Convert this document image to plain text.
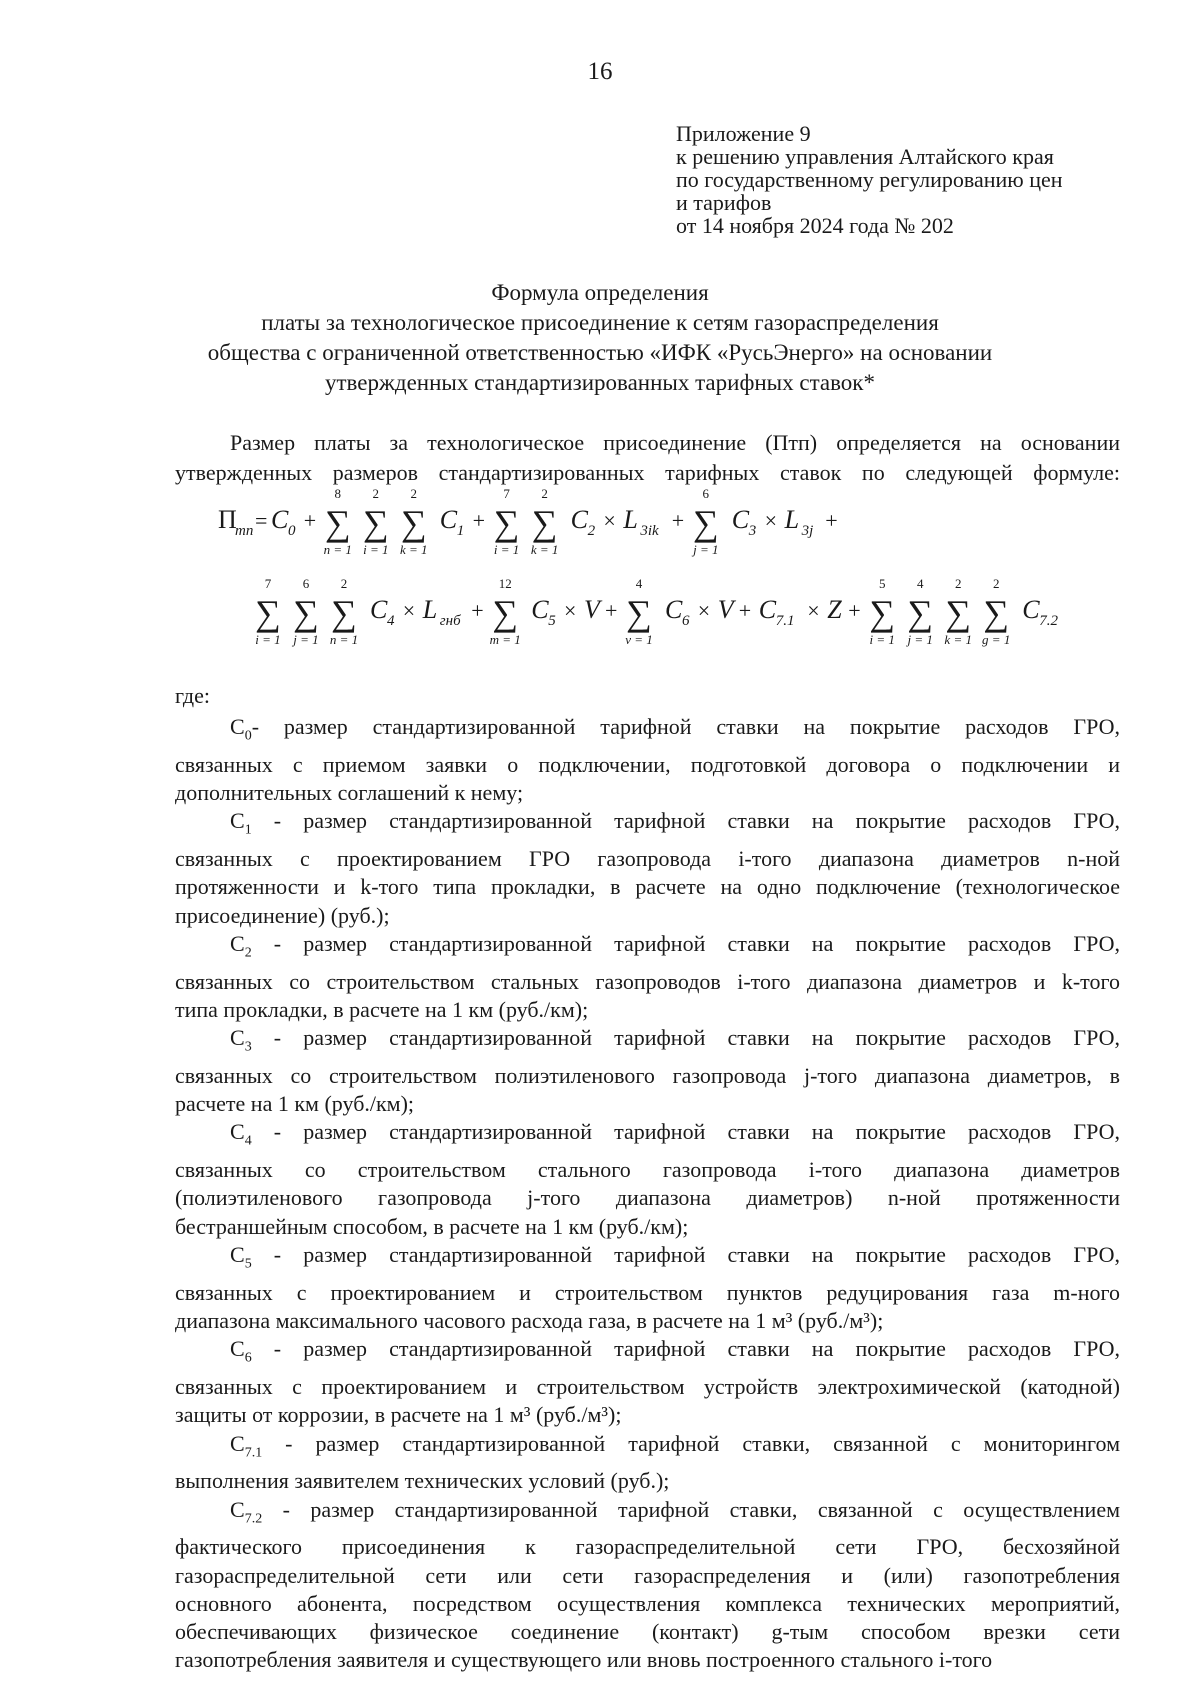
16
Приложение 9
к решению управления Алтайского края
по государственному регулированию цен
и тарифов
от 14 ноября 2024 года № 202
Формула определения
платы за технологическое присоединение к сетям газораспределения
общества с ограниченной ответственностью «ИФК «РусьЭнерго» на основании
утвержденных стандартизированных тарифных ставок*
Размер платы за технологическое присоединение (Птп) определяется на основании
утвержденных размеров стандартизированных тарифных ставок по следующей формуле:
П
тп = C 0 +
8
∑
n = 1
2
∑
i = 1
2
∑
k = 1
C 1 +
7
∑
i = 1
2
∑
k = 1
C 2 × L 3ik +
6
∑
j = 1
C 3 × L 3j +
7
∑
i = 1
6
∑
j = 1
2
∑
n = 1
C 4 × L гнб +
12
∑
m = 1
C 5 × V +
4
∑
v = 1
C 6 × V + C 7.1 × Z +
5
∑
i = 1
4
∑
j = 1
2
∑
k = 1
2
∑
g = 1
C 7.2
где:
$C_0-$ размер стандартизированной тарифной ставки на покрытие расходов ГРО,
связанных с приемом заявки о подключении, подготовкой договора о подключении и
дополнительных соглашений к нему;
$C_1$ - размер стандартизированной тарифной ставки на покрытие расходов ГРО,
связанных с проектированием ГРО газопровода i-того диапазона диаметров n-ной
протяженности и k-того типа прокладки, в расчете на одно подключение (технологическое
присоединение) (руб.);
$C_2$ - размер стандартизированной тарифной ставки на покрытие расходов ГРО,
связанных со строительством стальных газопроводов i-того диапазона диаметров и k-того
типа прокладки, в расчете на 1 км (руб./км);
$C_3$ - размер стандартизированной тарифной ставки на покрытие расходов ГРО,
связанных со строительством полиэтиленового газопровода j-того диапазона диаметров, в
расчете на 1 км (руб./км);
$C_4$ - размер стандартизированной тарифной ставки на покрытие расходов ГРО,
связанных со строительством стального газопровода i-того диапазона диаметров
(полиэтиленового газопровода j-того диапазона диаметров) n-ной протяженности
бестраншейным способом, в расчете на 1 км (руб./км);
$C_5$ - размер стандартизированной тарифной ставки на покрытие расходов ГРО,
связанных с проектированием и строительством пунктов редуцирования газа m-ного
диапазона максимального часового расхода газа, в расчете на 1 м³ (руб./м³);
$C_6$ - размер стандартизированной тарифной ставки на покрытие расходов ГРО,
связанных с проектированием и строительством устройств электрохимической (катодной)
защиты от коррозии, в расчете на 1 м³ (руб./м³);
$C_{7.1}$ - размер стандартизированной тарифной ставки, связанной с мониторингом
выполнения заявителем технических условий (руб.);
$C_{7.2}$ - размер стандартизированной тарифной ставки, связанной с осуществлением
фактического присоединения к газораспределительной сети ГРО, бесхозяйной
газораспределительной сети или сети газораспределения и (или) газопотребления
основного абонента, посредством осуществления комплекса технических мероприятий,
обеспечивающих физическое соединение (контакт) g-тым способом врезки сети
газопотребления заявителя и существующего или вновь построенного стального i-того
